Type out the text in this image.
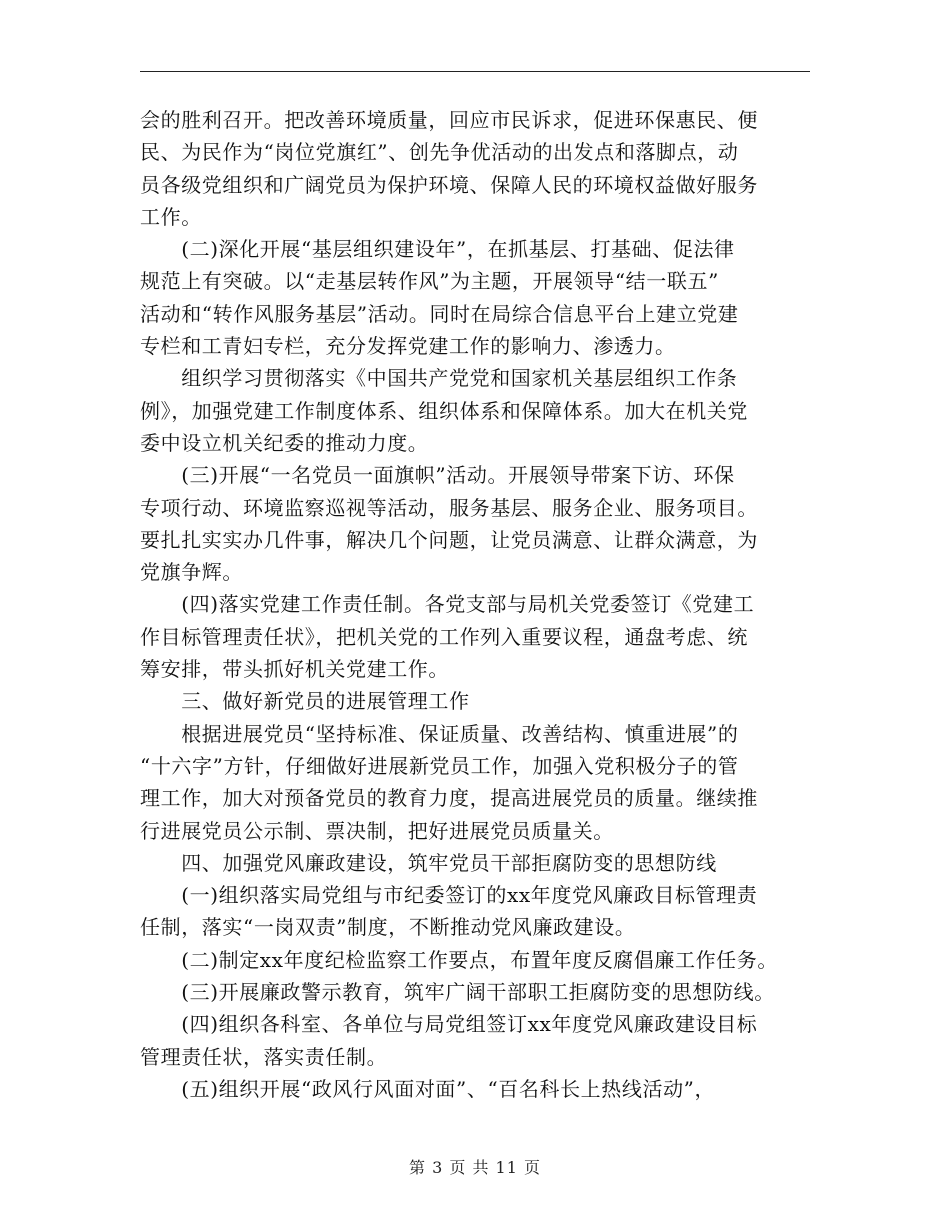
会的胜利召开。把改善环境质量，回应市民诉求，促进环保惠民、便
民、为民作为“岗位党旗红”、创先争优活动的出发点和落脚点，动
员各级党组织和广阔党员为保护环境、保障人民的环境权益做好服务
工作。
　　(二)深化开展“基层组织建设年”，在抓基层、打基础、促法律
规范上有突破。以“走基层转作风”为主题，开展领导“结一联五”
活动和“转作风服务基层”活动。同时在局综合信息平台上建立党建
专栏和工青妇专栏，充分发挥党建工作的影响力、渗透力。
　　组织学习贯彻落实《中国共产党党和国家机关基层组织工作条
例》，加强党建工作制度体系、组织体系和保障体系。加大在机关党
委中设立机关纪委的推动力度。
　　(三)开展“一名党员一面旗帜”活动。开展领导带案下访、环保
专项行动、环境监察巡视等活动，服务基层、服务企业、服务项目。
要扎扎实实办几件事，解决几个问题，让党员满意、让群众满意，为
党旗争辉。
　　(四)落实党建工作责任制。各党支部与局机关党委签订《党建工
作目标管理责任状》，把机关党的工作列入重要议程，通盘考虑、统
筹安排，带头抓好机关党建工作。
　　三、做好新党员的进展管理工作
　　根据进展党员“坚持标准、保证质量、改善结构、慎重进展”的
“十六字”方针，仔细做好进展新党员工作，加强入党积极分子的管
理工作，加大对预备党员的教育力度，提高进展党员的质量。继续推
行进展党员公示制、票决制，把好进展党员质量关。
　　四、加强党风廉政建设，筑牢党员干部拒腐防变的思想防线
　　(一)组织落实局党组与市纪委签订的xx年度党风廉政目标管理责
任制，落实“一岗双责”制度，不断推动党风廉政建设。
　　(二)制定xx年度纪检监察工作要点，布置年度反腐倡廉工作任务。
　　(三)开展廉政警示教育，筑牢广阔干部职工拒腐防变的思想防线。
　　(四)组织各科室、各单位与局党组签订xx年度党风廉政建设目标
管理责任状，落实责任制。
　　(五)组织开展“政风行风面对面”、“百名科长上热线活动”，
第 3 页 共 11 页
